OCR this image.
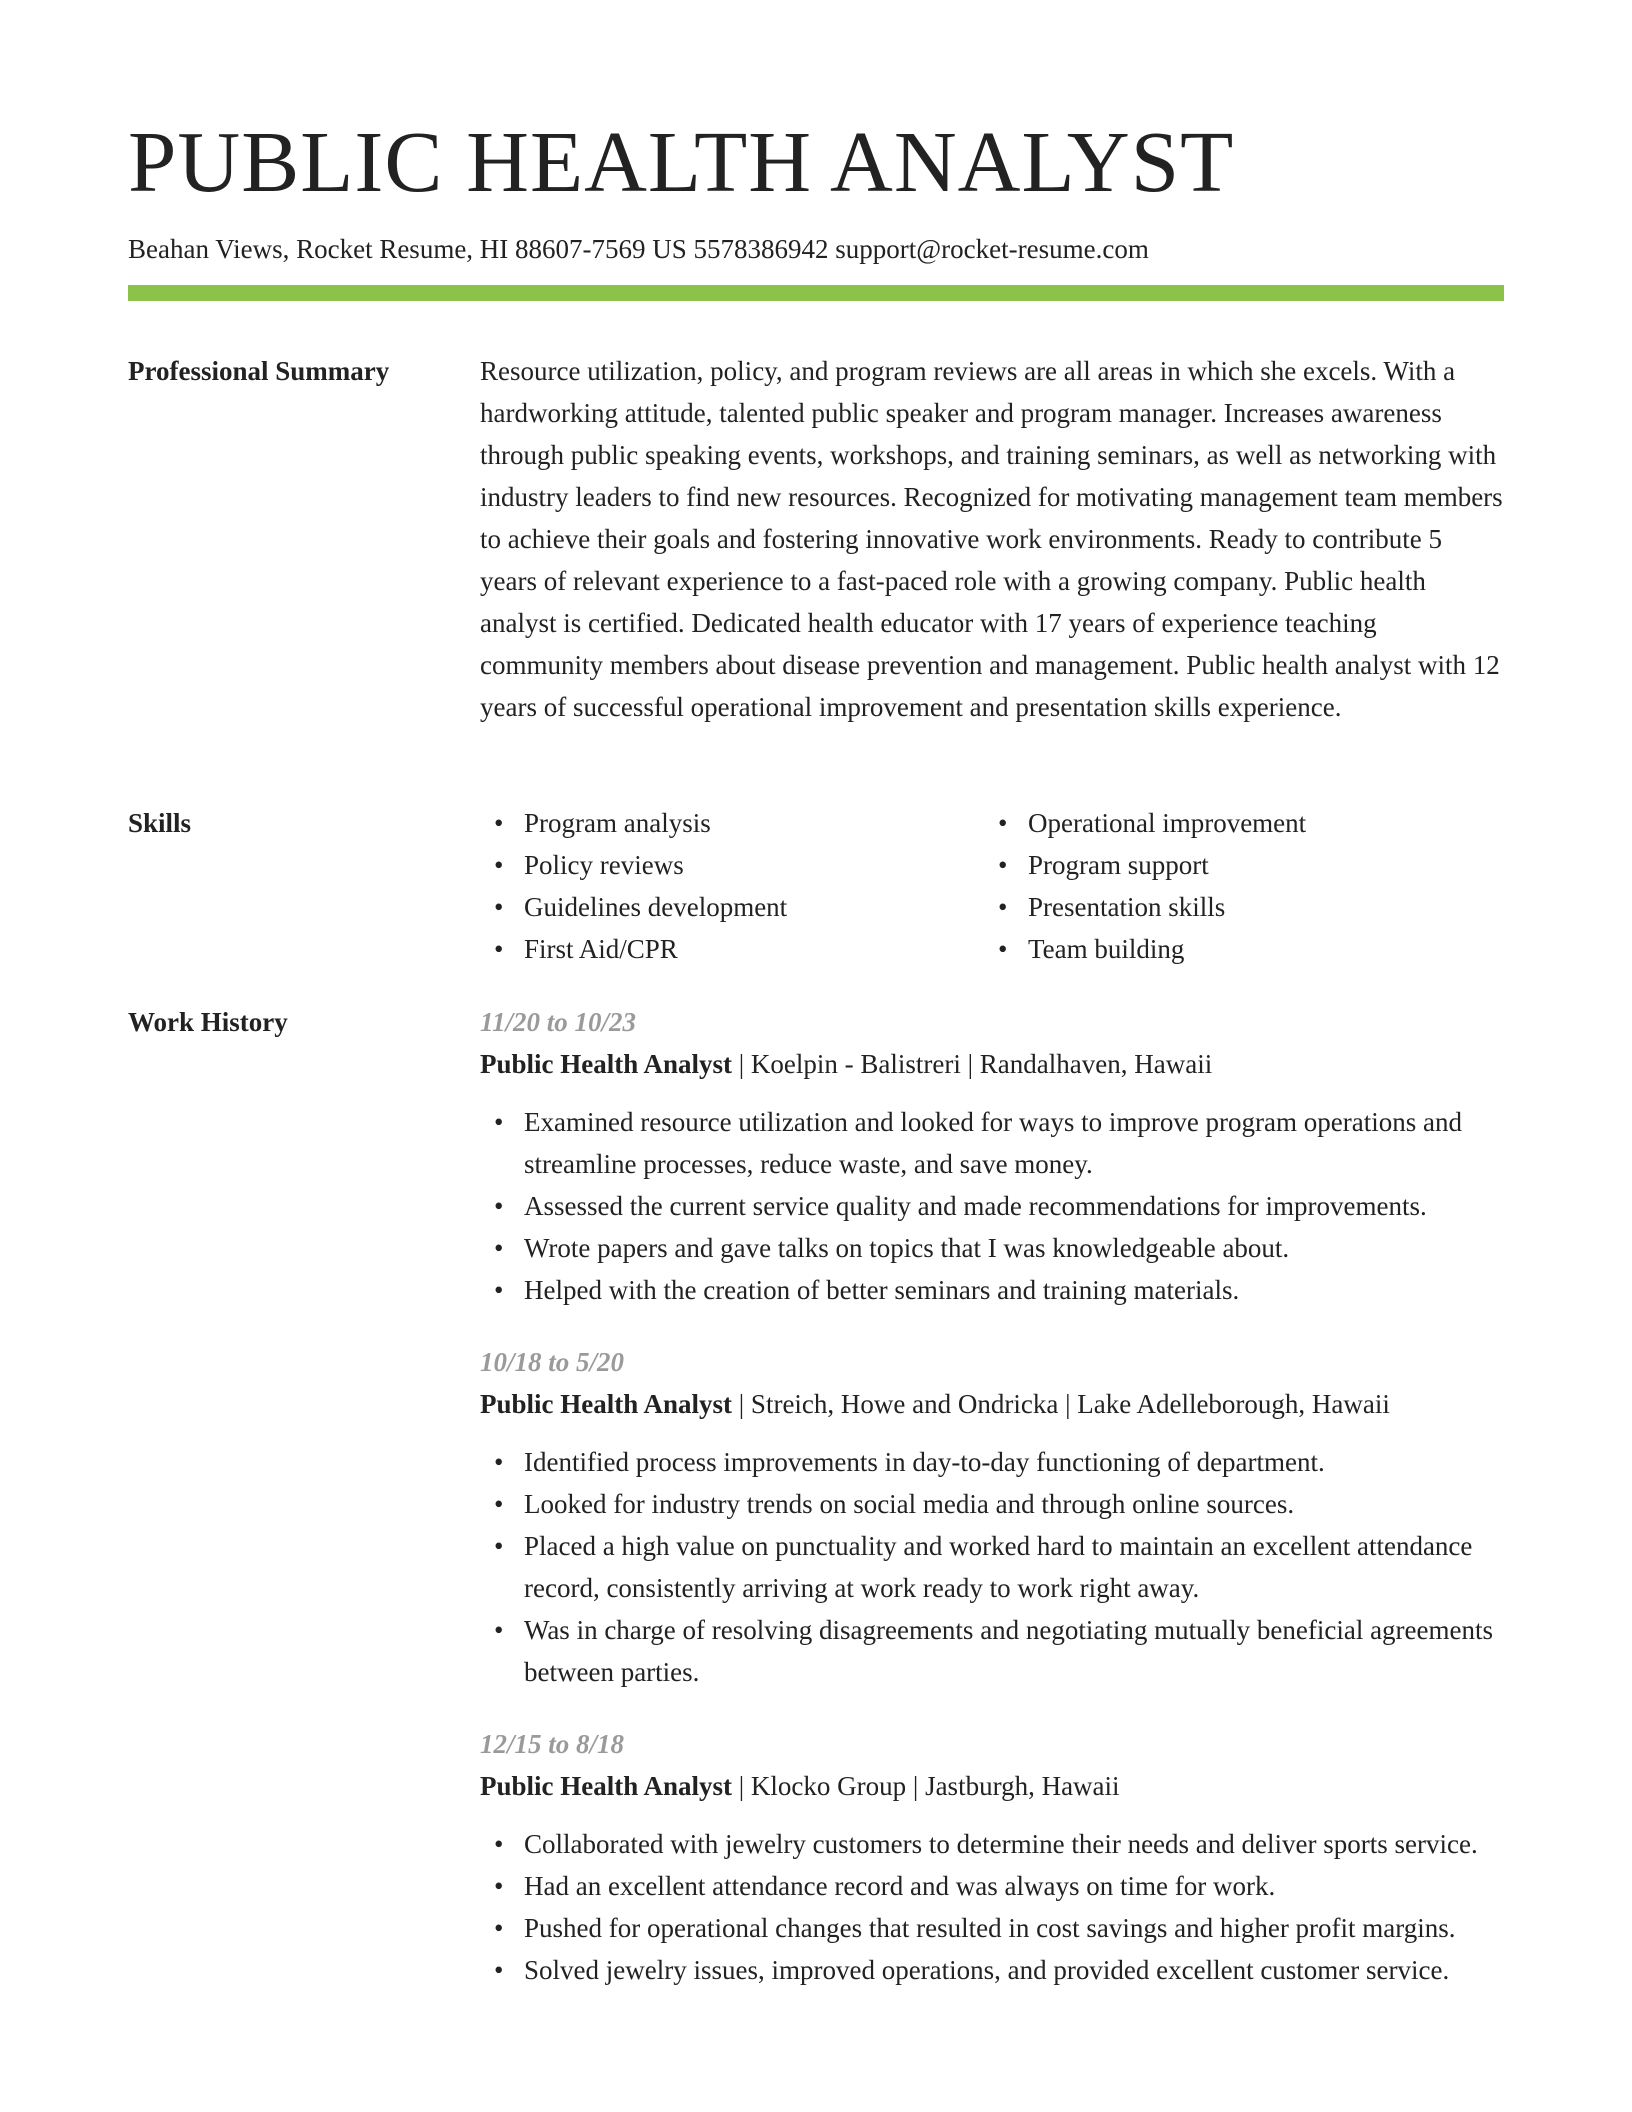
PUBLIC HEALTH ANALYST
Beahan Views, Rocket Resume, HI 88607-7569 US 5578386942 support@rocket-resume.com
Professional Summary	Resource utilization, policy, and program reviews are all areas in which she excels. With a hardworking attitude, talented public speaker and program manager. Increases awareness through public speaking events, workshops, and training seminars, as well as networking with industry leaders to find new resources. Recognized for motivating management team members to achieve their goals and fostering innovative work environments. Ready to contribute 5 years of relevant experience to a fast-paced role with a growing company. Public health analyst is certified. Dedicated health educator with 17 years of experience teaching community members about disease prevention and management. Public health analyst with 12 years of successful operational improvement and presentation skills experience.

Skills
•	Program analysis
• Policy reviews
• Guidelines development
• First Aid/CPR
• Operational improvement
• Program support
• Presentation skills
• Team building
Work History	11/20 to 10/23
Public Health Analyst | Koelpin - Balistreri | Randalhaven, Hawaii
• Examined resource utilization and looked for ways to improve program operations and streamline processes, reduce waste, and save money.
• Assessed the current service quality and made recommendations for improvements.
• Wrote papers and gave talks on topics that I was knowledgeable about.
• Helped with the creation of better seminars and training materials.
10/18 to 5/20
Public Health Analyst | Streich, Howe and Ondricka | Lake Adelleborough, Hawaii
• Identified process improvements in day-to-day functioning of department.
• Looked for industry trends on social media and through online sources.
• Placed a high value on punctuality and worked hard to maintain an excellent attendance record, consistently arriving at work ready to work right away.
• Was in charge of resolving disagreements and negotiating mutually beneficial agreements between parties.
12/15 to 8/18
Public Health Analyst | Klocko Group | Jastburgh, Hawaii
• Collaborated with jewelry customers to determine their needs and deliver sports service.
• Had an excellent attendance record and was always on time for work.
• Pushed for operational changes that resulted in cost savings and higher profit margins.
• Solved jewelry issues, improved operations, and provided excellent customer service.
